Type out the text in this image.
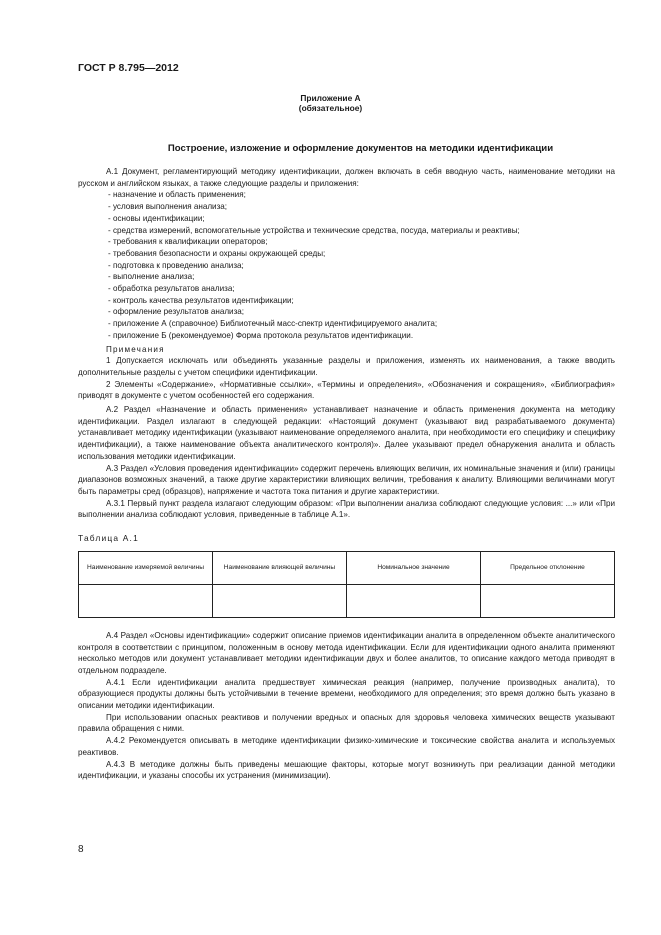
ГОСТ Р 8.795—2012
Приложение А
(обязательное)
Построение, изложение и оформление документов на методики идентификации

А.1 Документ, регламентирующий методику идентификации, должен включать в себя вводную часть, наименование методики на русском и английском языках, а также следующие разделы и приложения:

- назначение и область применения;

- условия выполнения анализа;

- основы идентификации;

- средства измерений, вспомогательные устройства и технические средства, посуда, материалы и реактивы;

- требования к квалификации операторов;

- требования безопасности и охраны окружающей среды;

- подготовка к проведению анализа;

- выполнение анализа;

- обработка результатов анализа;

- контроль качества результатов идентификации;

- оформление результатов анализа;

- приложение А (справочное) Библиотечный масс-спектр идентифицируемого аналита;

- приложение Б (рекомендуемое) Форма протокола результатов идентификации.

Примечания

1 Допускается исключать или объединять указанные разделы и приложения, изменять их наименования, а также вводить дополнительные разделы с учетом специфики идентификации.

2 Элементы «Содержание», «Нормативные ссылки», «Термины и определения», «Обозначения и сокращения», «Библиография» приводят в документе с учетом особенностей его содержания.

А.2 Раздел «Назначение и область применения» устанавливает назначение и область применения документа на методику идентификации. Раздел излагают в следующей редакции: «Настоящий документ (указывают вид разрабатываемого документа) устанавливает методику идентификации (указывают наименование определяемого аналита, при необходимости его специфику и специфику идентификации), а также наименование объекта аналитического контроля)». Далее указывают предел обнаружения аналита и область использования методики идентификации.

А.3 Раздел «Условия проведения идентификации» содержит перечень влияющих величин, их номинальные значения и (или) границы диапазонов возможных значений, а также другие характеристики влияющих величин, требования к аналиту. Влияющими величинами могут быть параметры сред (образцов), напряжение и частота тока питания и другие характеристики.

А.3.1 Первый пункт раздела излагают следующим образом: «При выполнении анализа соблюдают следующие условия: ...» или «При выполнении анализа соблюдают условия, приведенные в таблице А.1».

Таблица А.1

Наименование измеряемой величины	Наименование влияющей величины	Номинальное значение	Предельное отклонение

А.4 Раздел «Основы идентификации» содержит описание приемов идентификации аналита в определенном объекте аналитического контроля в соответствии с принципом, положенным в основу метода идентификации. Если для идентификации одного аналита применяют несколько методов или документ устанавливает методики идентификации двух и более аналитов, то описание каждого метода приводят в отдельном подразделе.

А.4.1 Если идентификации аналита предшествует химическая реакция (например, получение производных аналита), то образующиеся продукты должны быть устойчивыми в течение времени, необходимого для определения; это время должно быть указано в описании методики идентификации.

При использовании опасных реактивов и получении вредных и опасных для здоровья человека химических веществ указывают правила обращения с ними.

А.4.2 Рекомендуется описывать в методике идентификации физико-химические и токсические свойства аналита и используемых реактивов.

А.4.3 В методике должны быть приведены мешающие факторы, которые могут возникнуть при реализации данной методики идентификации, и указаны способы их устранения (минимизации).

8
